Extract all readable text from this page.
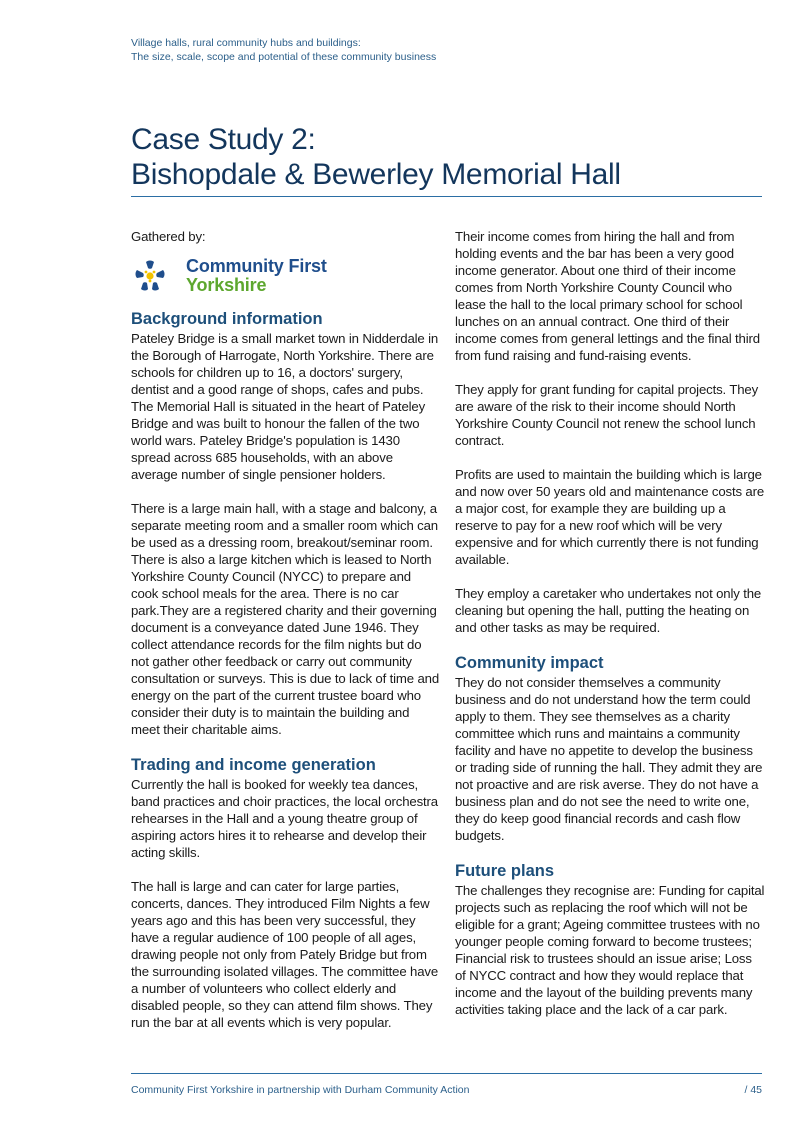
Village halls, rural community hubs and buildings:
The size, scale, scope and potential of these community business
Case Study 2:
Bishopdale & Bewerley Memorial Hall
Gathered by:
Community First
Yorkshire
Background information

Pateley Bridge is a small market town in Nidderdale in the Borough of Harrogate, North Yorkshire. There are schools for children up to 16, a doctors' surgery, dentist and a good range of shops, cafes and pubs. The Memorial Hall is situated in the heart of Pateley Bridge and was built to honour the fallen of the two world wars. Pateley Bridge's population is 1430 spread across 685 households, with an above average number of single pensioner holders.

There is a large main hall, with a stage and balcony, a separate meeting room and a smaller room which can be used as a dressing room, breakout/seminar room. There is also a large kitchen which is leased to North Yorkshire County Council (NYCC) to prepare and cook school meals for the area. There is no car park.They are a registered charity and their governing document is a conveyance dated June 1946. They collect attendance records for the film nights but do not gather other feedback or carry out community consultation or surveys. This is due to lack of time and energy on the part of the current trustee board who consider their duty is to maintain the building and meet their charitable aims.

Trading and income generation

Currently the hall is booked for weekly tea dances, band practices and choir practices, the local orchestra rehearses in the Hall and a young theatre group of aspiring actors hires it to rehearse and develop their acting skills.

The hall is large and can cater for large parties, concerts, dances. They introduced Film Nights a few years ago and this has been very successful, they have a regular audience of 100 people of all ages, drawing people not only from Pately Bridge but from the surrounding isolated villages. The committee have a number of volunteers who collect elderly and disabled people, so they can attend film shows. They run the bar at all events which is very popular.

Their income comes from hiring the hall and from holding events and the bar has been a very good income generator. About one third of their income comes from North Yorkshire County Council who lease the hall to the local primary school for school lunches on an annual contract. One third of their income comes from general lettings and the final third from fund raising and fund-raising events.

They apply for grant funding for capital projects. They are aware of the risk to their income should North Yorkshire County Council not renew the school lunch contract.

Profits are used to maintain the building which is large and now over 50 years old and maintenance costs are a major cost, for example they are building up a reserve to pay for a new roof which will be very expensive and for which currently there is not funding available.

They employ a caretaker who undertakes not only the cleaning but opening the hall, putting the heating on and other tasks as may be required.

Community impact

They do not consider themselves a community business and do not understand how the term could apply to them. They see themselves as a charity committee which runs and maintains a community facility and have no appetite to develop the business or trading side of running the hall. They admit they are not proactive and are risk averse. They do not have a business plan and do not see the need to write one, they do keep good financial records and cash flow budgets.

Future plans

The challenges they recognise are: Funding for capital projects such as replacing the roof which will not be eligible for a grant; Ageing committee trustees with no younger people coming forward to become trustees; Financial risk to trustees should an issue arise; Loss of NYCC contract and how they would replace that income and the layout of the building prevents many activities taking place and the lack of a car park.

Community First Yorkshire in partnership with Durham Community Action	/ 45
